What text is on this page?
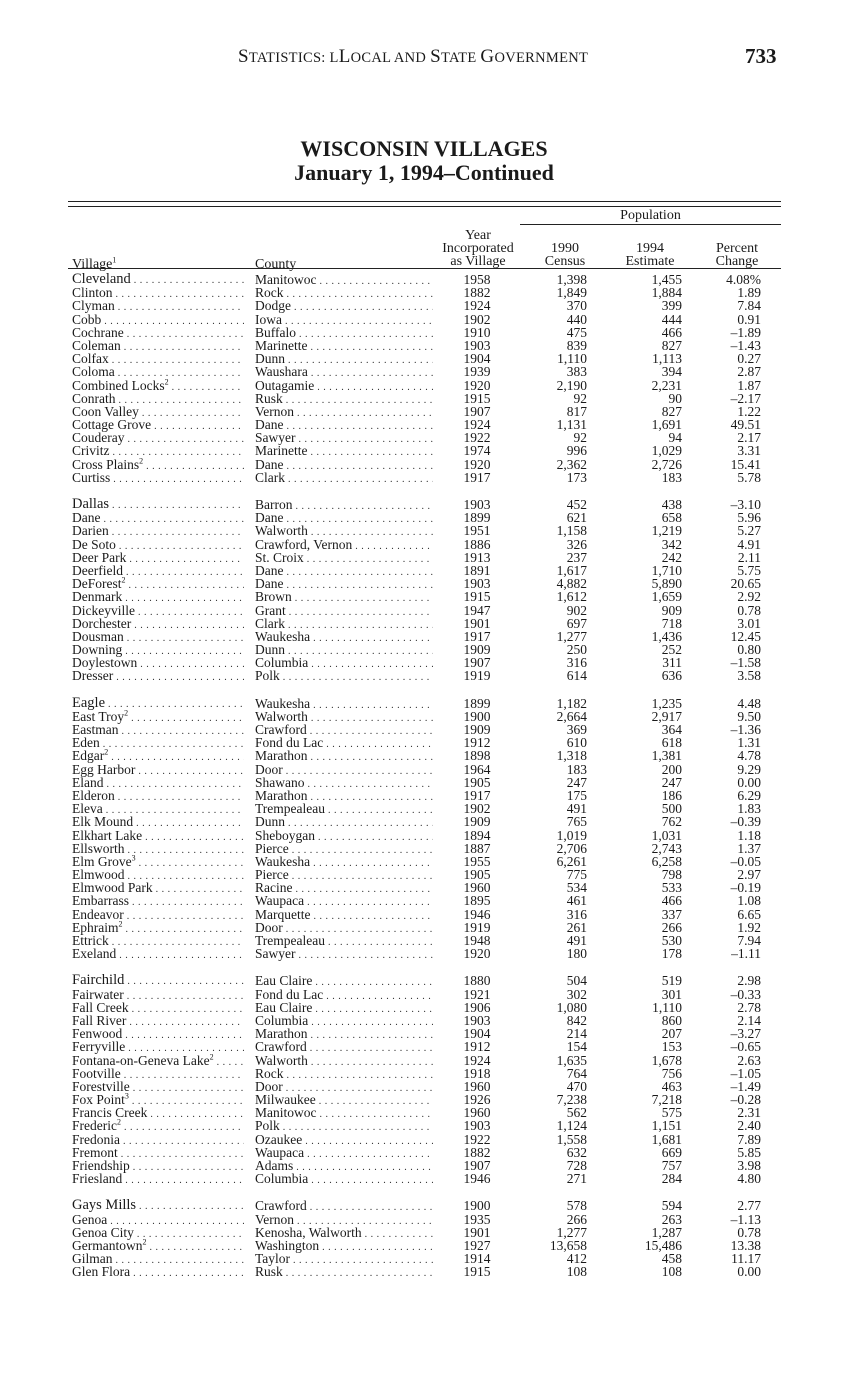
STATISTICS: LLOCAL AND STATE GOVERNMENT	733
WISCONSIN VILLAGES
January 1, 1994–Continued
Population
Village$^1$	County
Year
Incorporated
as Village
1990
Census
1994
Estimate
Percent
Change
Cleveland . . .	Manitowoc . . .	1958	1,398	1,455	4.08%
Clinton . . .	Rock . . .	1882	1,849	1,884	1.89
Clyman . . .	Dodge . . .	1924	370	399	7.84
Cobb . . .	Iowa . . .	1902	440	444	0.91
Cochrane . . .	Buffalo . . .	1910	475	466	–1.89
Coleman . . .	Marinette . . .	1903	839	827	–1.43
Colfax . . .	Dunn . . .	1904	1,110	1,113	0.27
Coloma . . .	Waushara . . .	1939	383	394	2.87
Combined Locks$^2$ . . .	Outagamie . . .	1920	2,190	2,231	1.87
Conrath . . .	Rusk . . .	1915	92	90	–2.17
Coon Valley . . .	Vernon . . .	1907	817	827	1.22
Cottage Grove . . .	Dane . . .	1924	1,131	1,691	49.51
Couderay . . .	Sawyer . . .	1922	92	94	2.17
Crivitz . . .	Marinette . . .	1974	996	1,029	3.31
Cross Plains$^2$ . . .	Dane . . .	1920	2,362	2,726	15.41
Curtiss . . .	Clark . . .	1917	173	183	5.78
Dallas . . .	Barron . . .	1903	452	438	–3.10
Dane . . .	Dane . . .	1899	621	658	5.96
Darien . . .	Walworth . . .	1951	1,158	1,219	5.27
De Soto . . .	Crawford, Vernon . . .	1886	326	342	4.91
Deer Park . . .	St. Croix . . .	1913	237	242	2.11
Deerfield . . .	Dane . . .	1891	1,617	1,710	5.75
DeForest$^2$ . . .	Dane . . .	1903	4,882	5,890	20.65
Denmark . . .	Brown . . .	1915	1,612	1,659	2.92
Dickeyville . . .	Grant . . .	1947	902	909	0.78
Dorchester . . .	Clark . . .	1901	697	718	3.01
Dousman . . .	Waukesha . . .	1917	1,277	1,436	12.45
Downing . . .	Dunn . . .	1909	250	252	0.80
Doylestown . . .	Columbia . . .	1907	316	311	–1.58
Dresser . . .	Polk . . .	1919	614	636	3.58
Eagle . . .	Waukesha . . .	1899	1,182	1,235	4.48
East Troy$^2$ . . .	Walworth . . .	1900	2,664	2,917	9.50
Eastman . . .	Crawford . . .	1909	369	364	–1.36
Eden . . .	Fond du Lac . . .	1912	610	618	1.31
Edgar$^2$ . . .	Marathon . . .	1898	1,318	1,381	4.78
Egg Harbor . . .	Door . . .	1964	183	200	9.29
Eland . . .	Shawano . . .	1905	247	247	0.00
Elderon . . .	Marathon . . .	1917	175	186	6.29
Eleva . . .	Trempealeau . . .	1902	491	500	1.83
Elk Mound . . .	Dunn . . .	1909	765	762	–0.39
Elkhart Lake . . .	Sheboygan . . .	1894	1,019	1,031	1.18
Ellsworth . . .	Pierce . . .	1887	2,706	2,743	1.37
Elm Grove$^3$ . . .	Waukesha . . .	1955	6,261	6,258	–0.05
Elmwood . . .	Pierce . . .	1905	775	798	2.97
Elmwood Park . . .	Racine . . .	1960	534	533	–0.19
Embarrass . . .	Waupaca . . .	1895	461	466	1.08
Endeavor . . .	Marquette . . .	1946	316	337	6.65
Ephraim$^2$ . . .	Door . . .	1919	261	266	1.92
Ettrick . . .	Trempealeau . . .	1948	491	530	7.94
Exeland . . .	Sawyer . . .	1920	180	178	–1.11
Fairchild . . .	Eau Claire . . .	1880	504	519	2.98
Fairwater . . .	Fond du Lac . . .	1921	302	301	–0.33
Fall Creek . . .	Eau Claire . . .	1906	1,080	1,110	2.78
Fall River . . .	Columbia . . .	1903	842	860	2.14
Fenwood . . .	Marathon . . .	1904	214	207	–3.27
Ferryville . . .	Crawford . . .	1912	154	153	–0.65
Fontana-on-Geneva Lake$^2$ . . .	Walworth . . .	1924	1,635	1,678	2.63
Footville . . .	Rock . . .	1918	764	756	–1.05
Forestville . . .	Door . . .	1960	470	463	–1.49
Fox Point$^3$ . . .	Milwaukee . . .	1926	7,238	7,218	–0.28
Francis Creek . . .	Manitowoc . . .	1960	562	575	2.31
Frederic$^2$ . . .	Polk . . .	1903	1,124	1,151	2.40
Fredonia . . .	Ozaukee . . .	1922	1,558	1,681	7.89
Fremont . . .	Waupaca . . .	1882	632	669	5.85
Friendship . . .	Adams . . .	1907	728	757	3.98
Friesland . . .	Columbia . . .	1946	271	284	4.80
Gays Mills . . .	Crawford . . .	1900	578	594	2.77
Genoa . . .	Vernon . . .	1935	266	263	–1.13
Genoa City . . .	Kenosha, Walworth . . .	1901	1,277	1,287	0.78
Germantown$^2$ . . .	Washington . . .	1927	13,658	15,486	13.38
Gilman . . .	Taylor . . .	1914	412	458	11.17
Glen Flora . . .	Rusk . . .	1915	108	108	0.00
